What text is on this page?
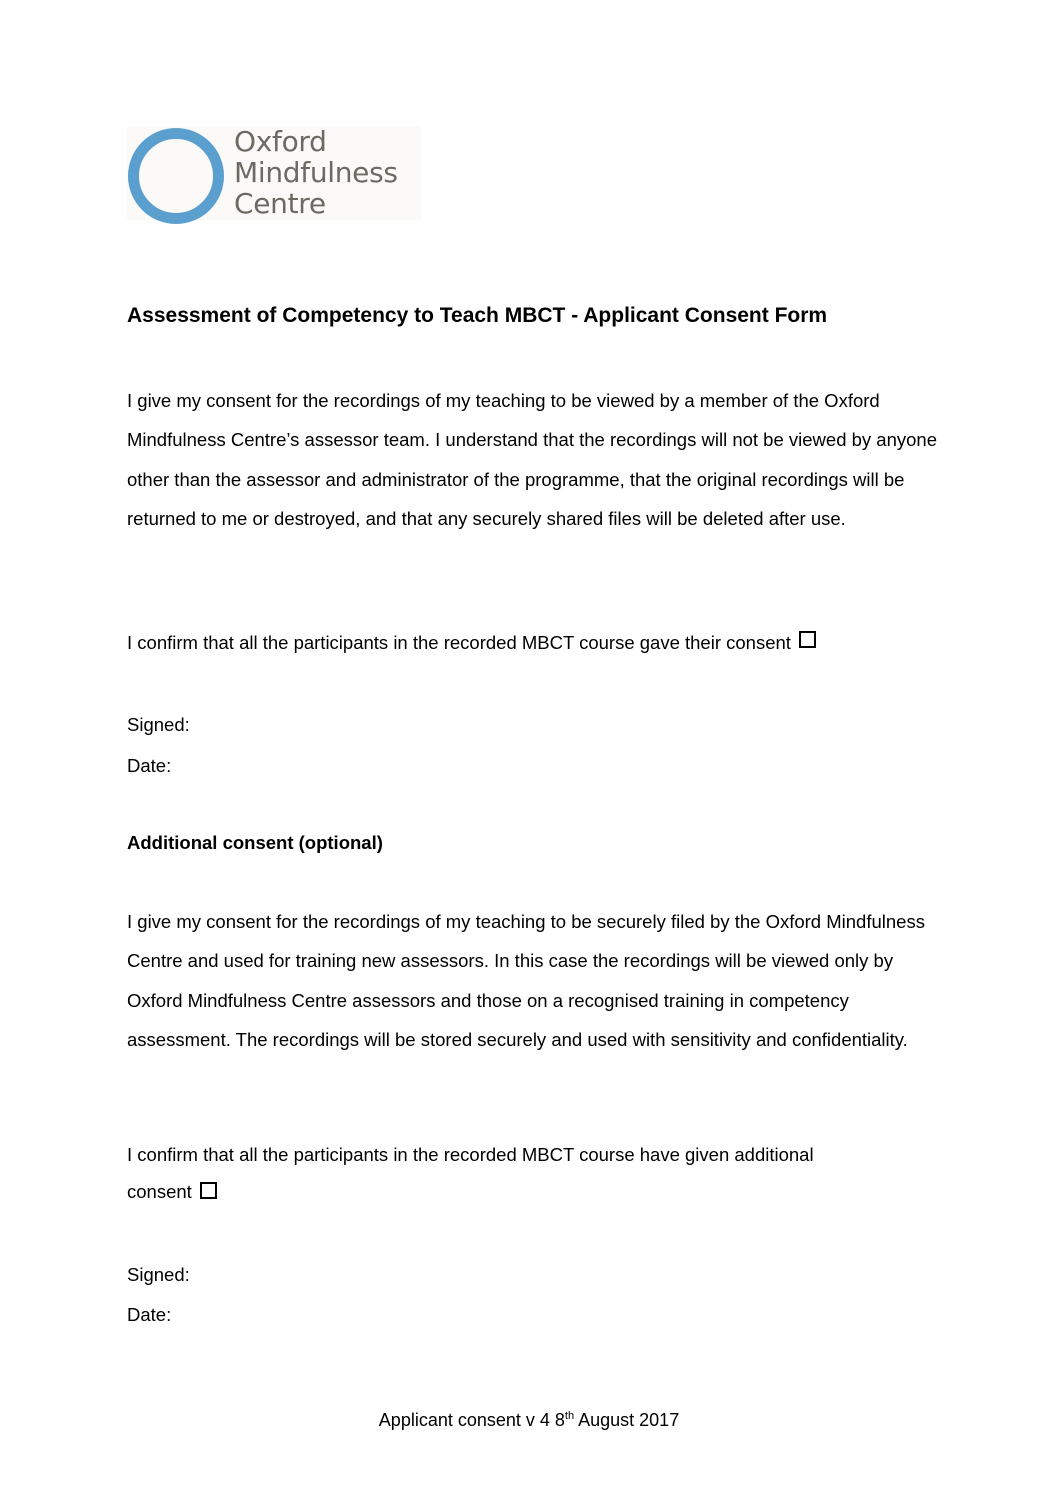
Oxford
Mindfulness
Centre
Assessment of Competency to Teach MBCT - Applicant Consent Form

I give my consent for the recordings of my teaching to be viewed by a member of the Oxford Mindfulness Centre’s assessor team. I understand that the recordings will not be viewed by anyone other than the assessor and administrator of the programme, that the original recordings will be returned to me or destroyed, and that any securely shared files will be deleted after use.

I confirm that all the participants in the recorded MBCT course gave their consent

Signed:

Date:

Additional consent (optional)

I give my consent for the recordings of my teaching to be securely filed by the Oxford Mindfulness Centre and used for training new assessors. In this case the recordings will be viewed only by Oxford Mindfulness Centre assessors and those on a recognised training in competency assessment. The recordings will be stored securely and used with sensitivity and confidentiality.

I confirm that all the participants in the recorded MBCT course have given additional

consent

Signed:

Date:

Applicant consent v 4 8th August 2017
